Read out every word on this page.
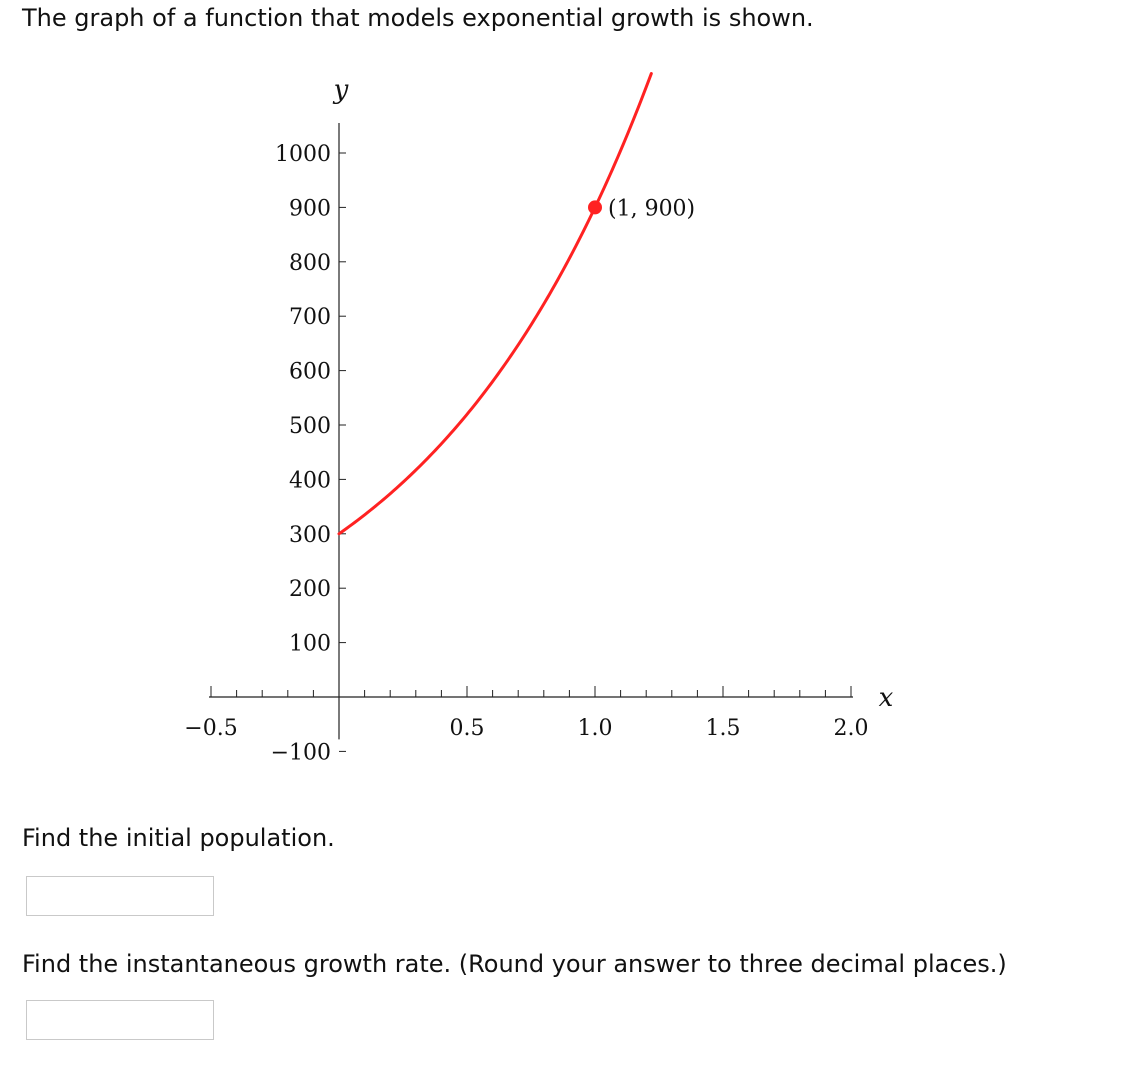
The graph of a function that models exponential growth is shown.
−0.5	0.5	1.0	1.5	2.0
1000
900
800
700
600
500
400
300
200
100
−100
y
x
(1, 900)
Find the initial population.
Find the instantaneous growth rate. (Round your answer to three decimal places.)
